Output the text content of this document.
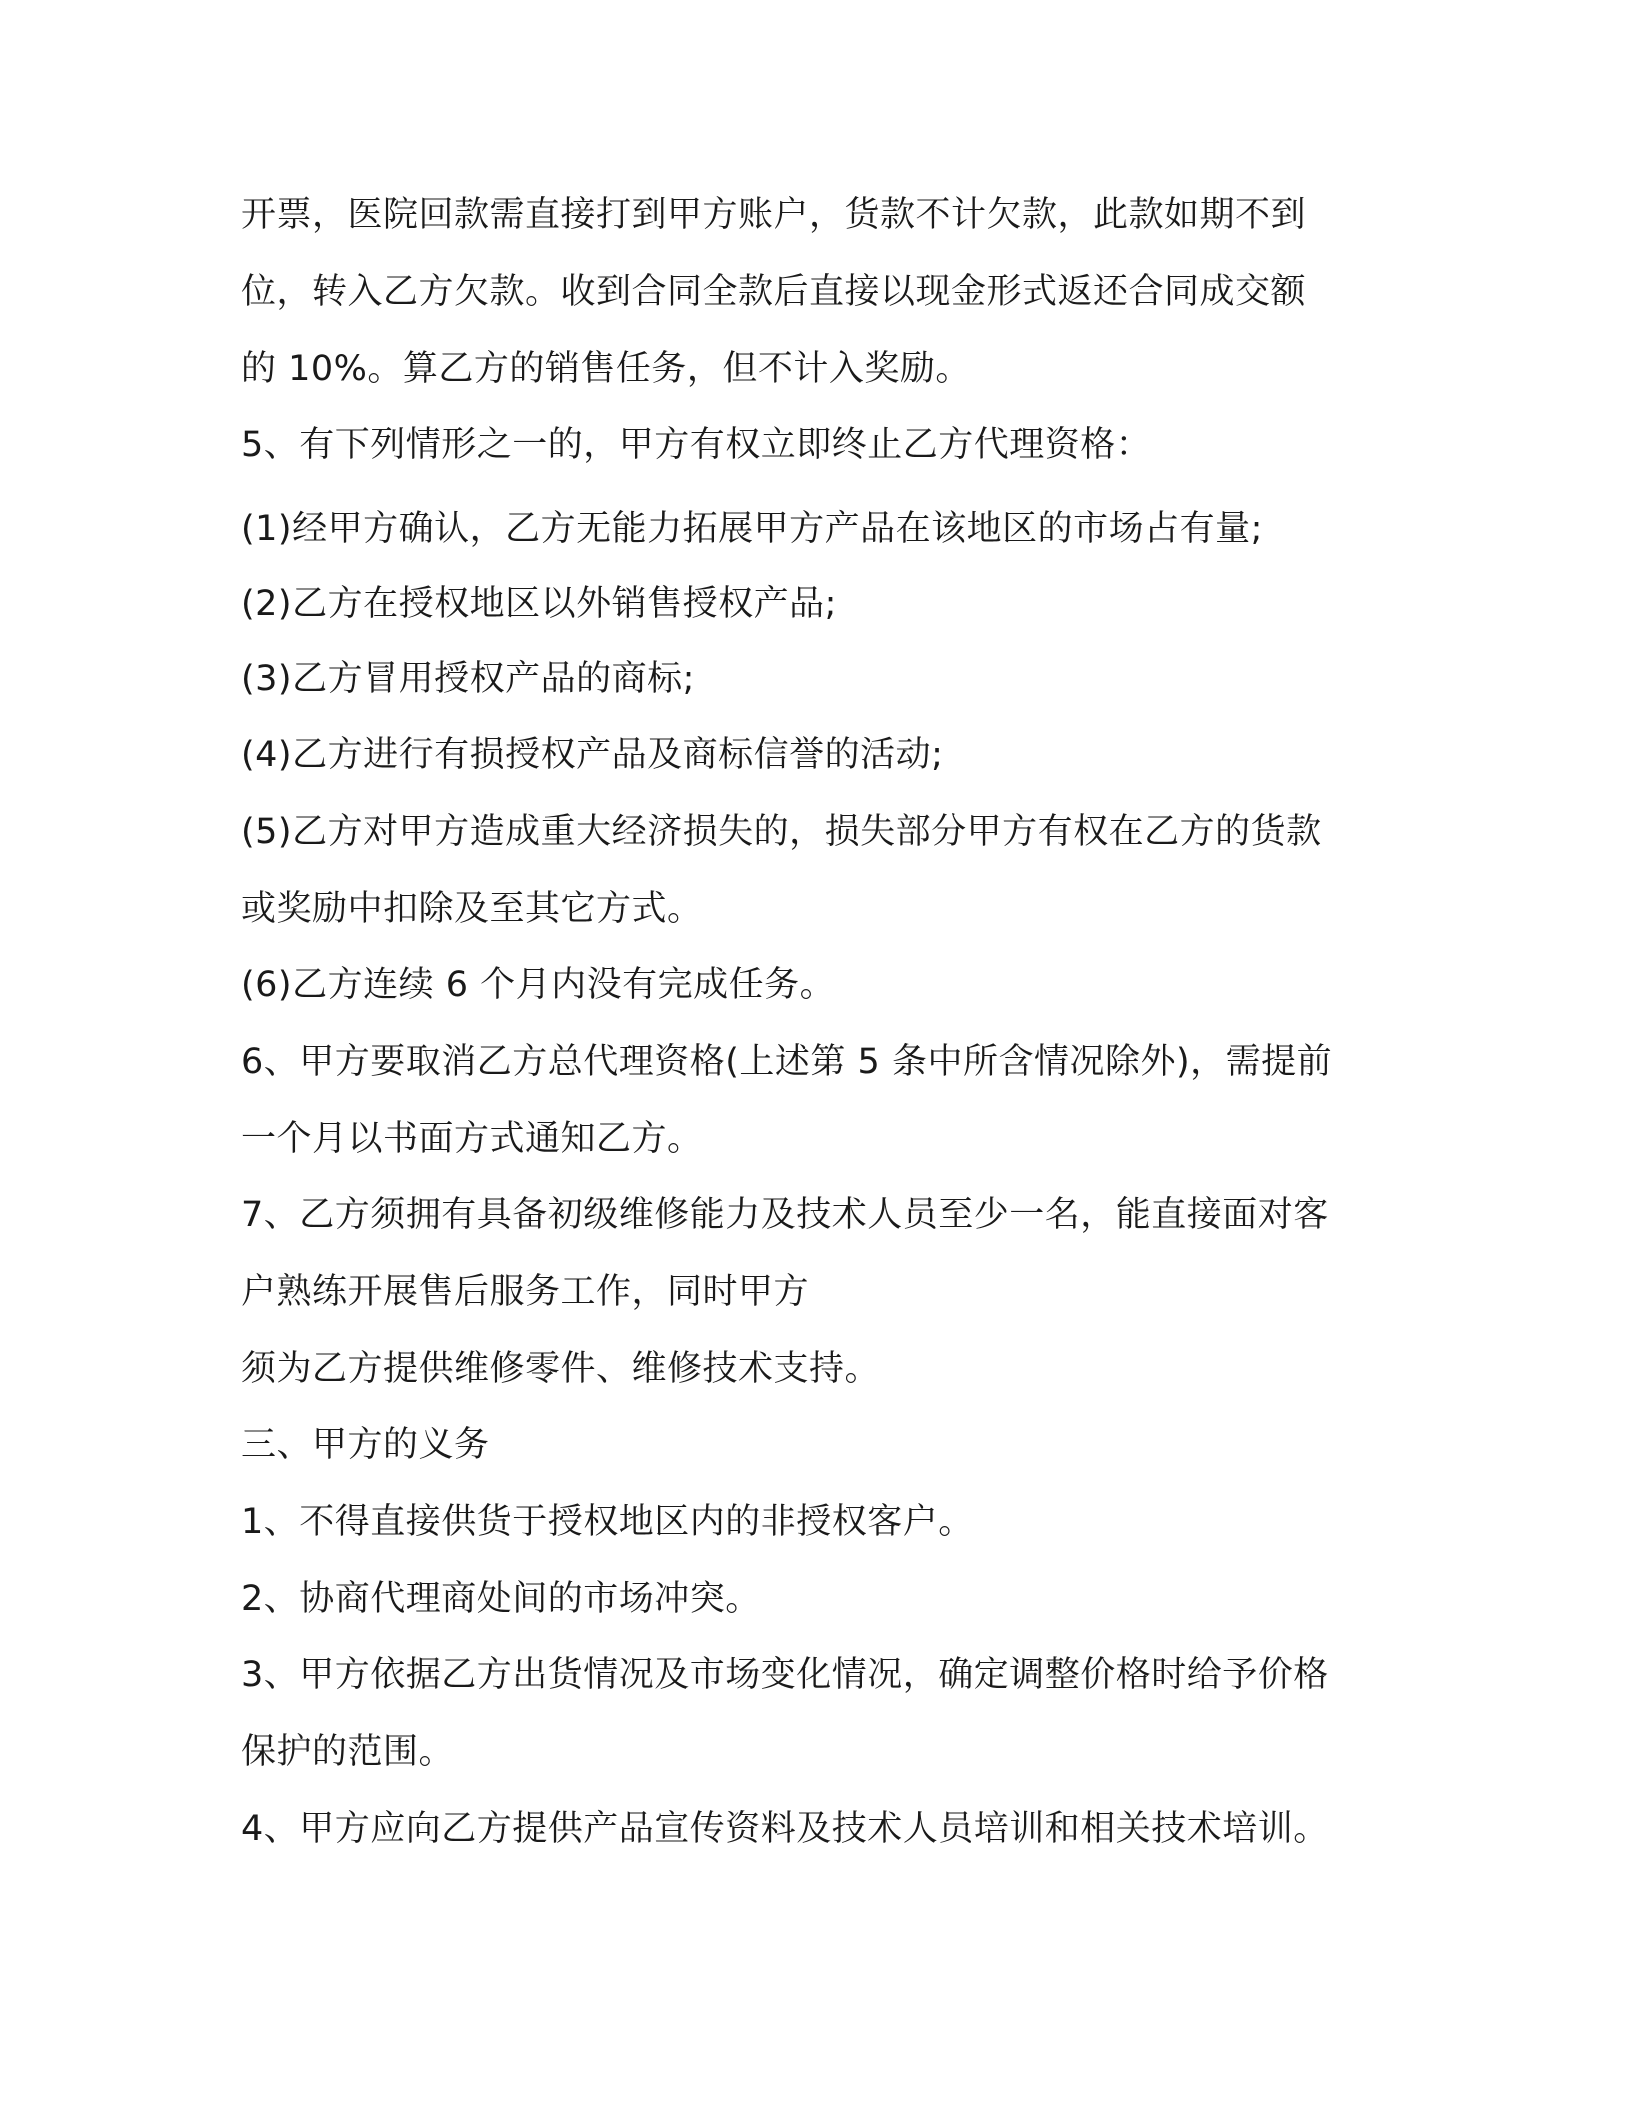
开票，医院回款需直接打到甲方账户，货款不计欠款，此款如期不到
位，转入乙方欠款。收到合同全款后直接以现金形式返还合同成交额
的 10%。算乙方的销售任务，但不计入奖励。
5、有下列情形之一的，甲方有权立即终止乙方代理资格：
(1)经甲方确认，乙方无能力拓展甲方产品在该地区的市场占有量;
(2)乙方在授权地区以外销售授权产品;
(3)乙方冒用授权产品的商标;
(4)乙方进行有损授权产品及商标信誉的活动;
(5)乙方对甲方造成重大经济损失的，损失部分甲方有权在乙方的货款
或奖励中扣除及至其它方式。
(6)乙方连续 6 个月内没有完成任务。
6、甲方要取消乙方总代理资格(上述第 5 条中所含情况除外)，需提前
一个月以书面方式通知乙方。
7、乙方须拥有具备初级维修能力及技术人员至少一名，能直接面对客
户熟练开展售后服务工作，同时甲方
须为乙方提供维修零件、维修技术支持。
三、甲方的义务
1、不得直接供货于授权地区内的非授权客户。
2、协商代理商处间的市场冲突。
3、甲方依据乙方出货情况及市场变化情况，确定调整价格时给予价格
保护的范围。
4、甲方应向乙方提供产品宣传资料及技术人员培训和相关技术培训。
